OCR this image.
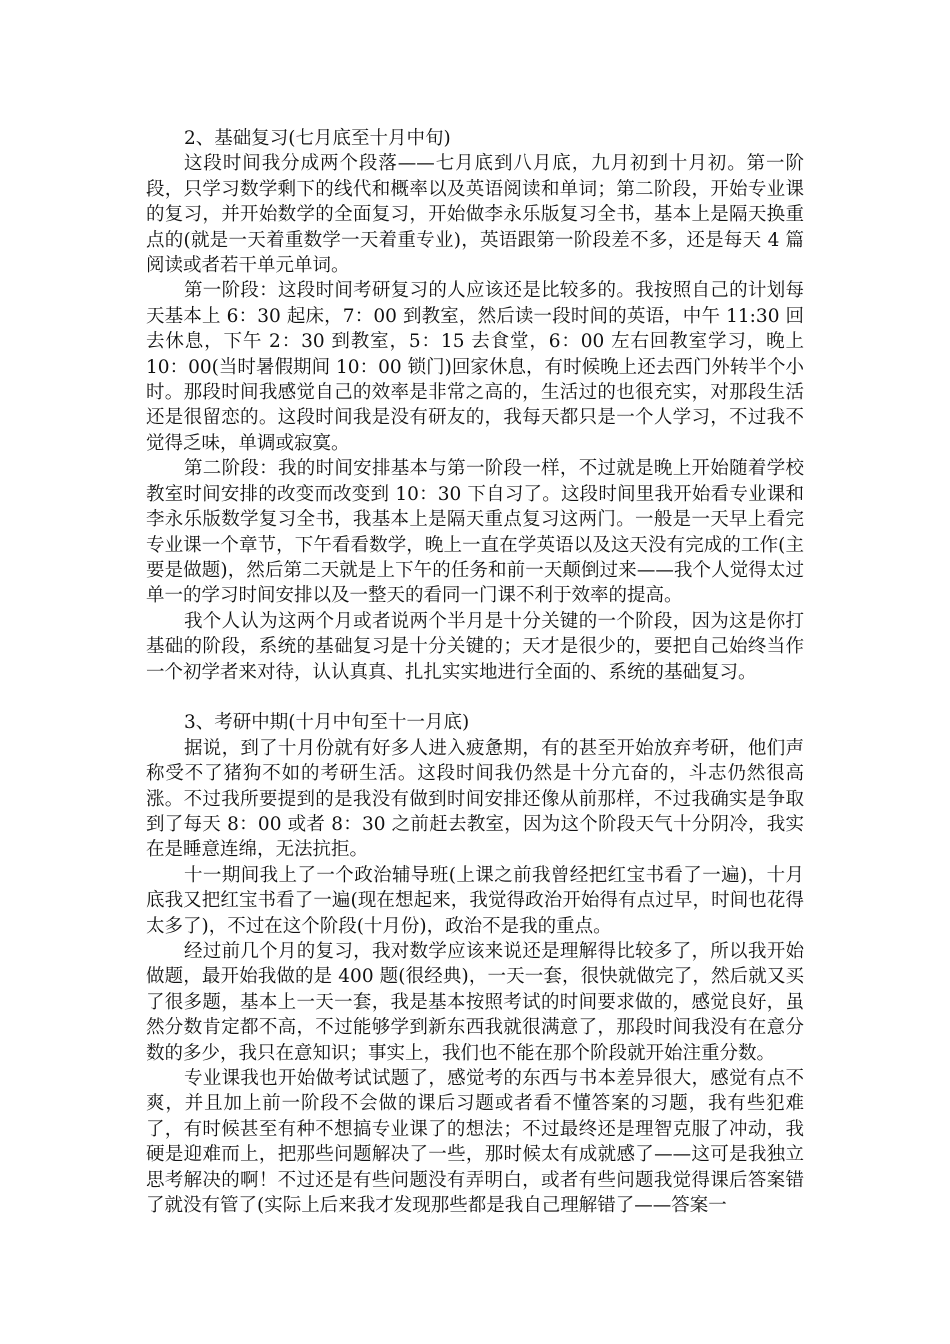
2、基础复习(七月底至十月中旬)

这段时间我分成两个段落——七月底到八月底，九月初到十月初。第一阶段，只学习数学剩下的线代和概率以及英语阅读和单词；第二阶段，开始专业课的复习，并开始数学的全面复习，开始做李永乐版复习全书，基本上是隔天换重点的(就是一天着重数学一天着重专业)，英语跟第一阶段差不多，还是每天 4 篇阅读或者若干单元单词。

第一阶段：这段时间考研复习的人应该还是比较多的。我按照自己的计划每天基本上 6：30 起床，7：00 到教室，然后读一段时间的英语，中午 11:30 回去休息，下午 2：30 到教室，5：15 去食堂，6：00 左右回教室学习，晚上 10：00(当时暑假期间 10：00 锁门)回家休息，有时候晚上还去西门外转半个小时。那段时间我感觉自己的效率是非常之高的，生活过的也很充实，对那段生活还是很留恋的。这段时间我是没有研友的，我每天都只是一个人学习，不过我不觉得乏味，单调或寂寞。

第二阶段：我的时间安排基本与第一阶段一样，不过就是晚上开始随着学校教室时间安排的改变而改变到 10：30 下自习了。这段时间里我开始看专业课和李永乐版数学复习全书，我基本上是隔天重点复习这两门。一般是一天早上看完专业课一个章节，下午看看数学，晚上一直在学英语以及这天没有完成的工作(主要是做题)，然后第二天就是上下午的任务和前一天颠倒过来——我个人觉得太过单一的学习时间安排以及一整天的看同一门课不利于效率的提高。

我个人认为这两个月或者说两个半月是十分关键的一个阶段，因为这是你打基础的阶段，系统的基础复习是十分关键的；天才是很少的，要把自己始终当作一个初学者来对待，认认真真、扎扎实实地进行全面的、系统的基础复习。

3、考研中期(十月中旬至十一月底)

据说，到了十月份就有好多人进入疲惫期，有的甚至开始放弃考研，他们声称受不了猪狗不如的考研生活。这段时间我仍然是十分亢奋的，斗志仍然很高涨。不过我所要提到的是我没有做到时间安排还像从前那样，不过我确实是争取到了每天 8：00 或者 8：30 之前赶去教室，因为这个阶段天气十分阴冷，我实在是睡意连绵，无法抗拒。

十一期间我上了一个政治辅导班(上课之前我曾经把红宝书看了一遍)，十月底我又把红宝书看了一遍(现在想起来，我觉得政治开始得有点过早，时间也花得太多了)，不过在这个阶段(十月份)，政治不是我的重点。

经过前几个月的复习，我对数学应该来说还是理解得比较多了，所以我开始做题，最开始我做的是 400 题(很经典)，一天一套，很快就做完了，然后就又买了很多题，基本上一天一套，我是基本按照考试的时间要求做的，感觉良好，虽然分数肯定都不高，不过能够学到新东西我就很满意了，那段时间我没有在意分数的多少，我只在意知识；事实上，我们也不能在那个阶段就开始注重分数。

专业课我也开始做考试试题了，感觉考的东西与书本差异很大，感觉有点不爽，并且加上前一阶段不会做的课后习题或者看不懂答案的习题，我有些犯难了，有时候甚至有种不想搞专业课了的想法；不过最终还是理智克服了冲动，我硬是迎难而上，把那些问题解决了一些，那时候太有成就感了——这可是我独立思考解决的啊！不过还是有些问题没有弄明白，或者有些问题我觉得课后答案错了就没有管了(实际上后来我才发现那些都是我自己理解错了——答案一
